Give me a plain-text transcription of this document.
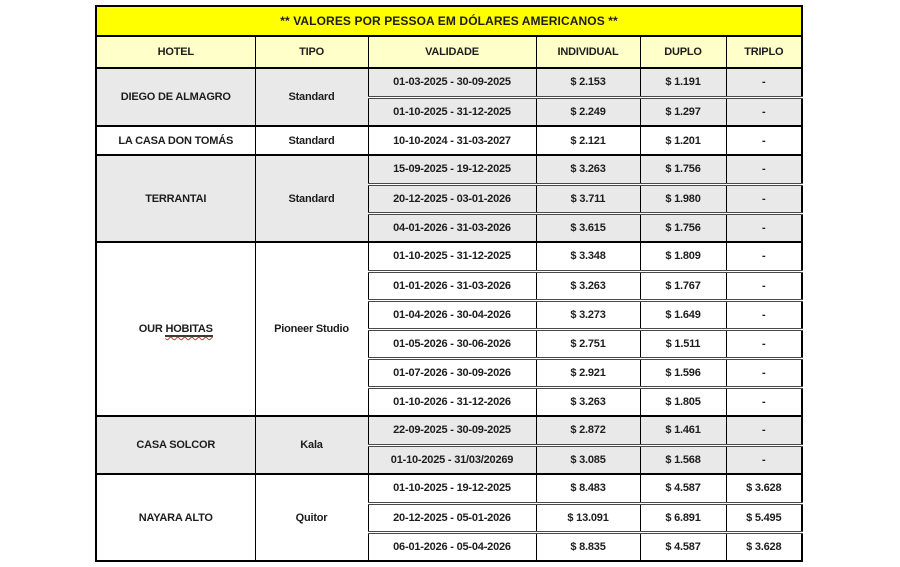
** VALORES POR PESSOA EM DÓLARES AMERICANOS **					
HOTEL	TIPO	VALIDADE	INDIVIDUAL	DUPLO	TRIPLO
DIEGO DE ALMAGRO	Standard	01-03-2025 - 30-09-2025	$ 2.153	$ 1.191	-
		01-10-2025 - 31-12-2025	$ 2.249	$ 1.297	-
LA CASA DON TOMÁS	Standard	10-10-2024 - 31-03-2027	$ 2.121	$ 1.201	-
TERRANTAI	Standard	15-09-2025 - 19-12-2025	$ 3.263	$ 1.756	-
		20-12-2025 - 03-01-2026	$ 3.711	$ 1.980	-
		04-01-2026 - 31-03-2026	$ 3.615	$ 1.756	-
OUR HOBITAS	Pioneer Studio	01-10-2025 - 31-12-2025	$ 3.348	$ 1.809	-
		01-01-2026 - 31-03-2026	$ 3.263	$ 1.767	-
		01-04-2026 - 30-04-2026	$ 3.273	$ 1.649	-
		01-05-2026 - 30-06-2026	$ 2.751	$ 1.511	-
		01-07-2026 - 30-09-2026	$ 2.921	$ 1.596	-
		01-10-2026 - 31-12-2026	$ 3.263	$ 1.805	-
CASA SOLCOR	Kala	22-09-2025 - 30-09-2025	$ 2.872	$ 1.461	-
		01-10-2025 - 31/03/20269	$ 3.085	$ 1.568	-
NAYARA ALTO	Quitor	01-10-2025 - 19-12-2025	$ 8.483	$ 4.587	$ 3.628
		20-12-2025 - 05-01-2026	$ 13.091	$ 6.891	$ 5.495
		06-01-2026 - 05-04-2026	$ 8.835	$ 4.587	$ 3.628
